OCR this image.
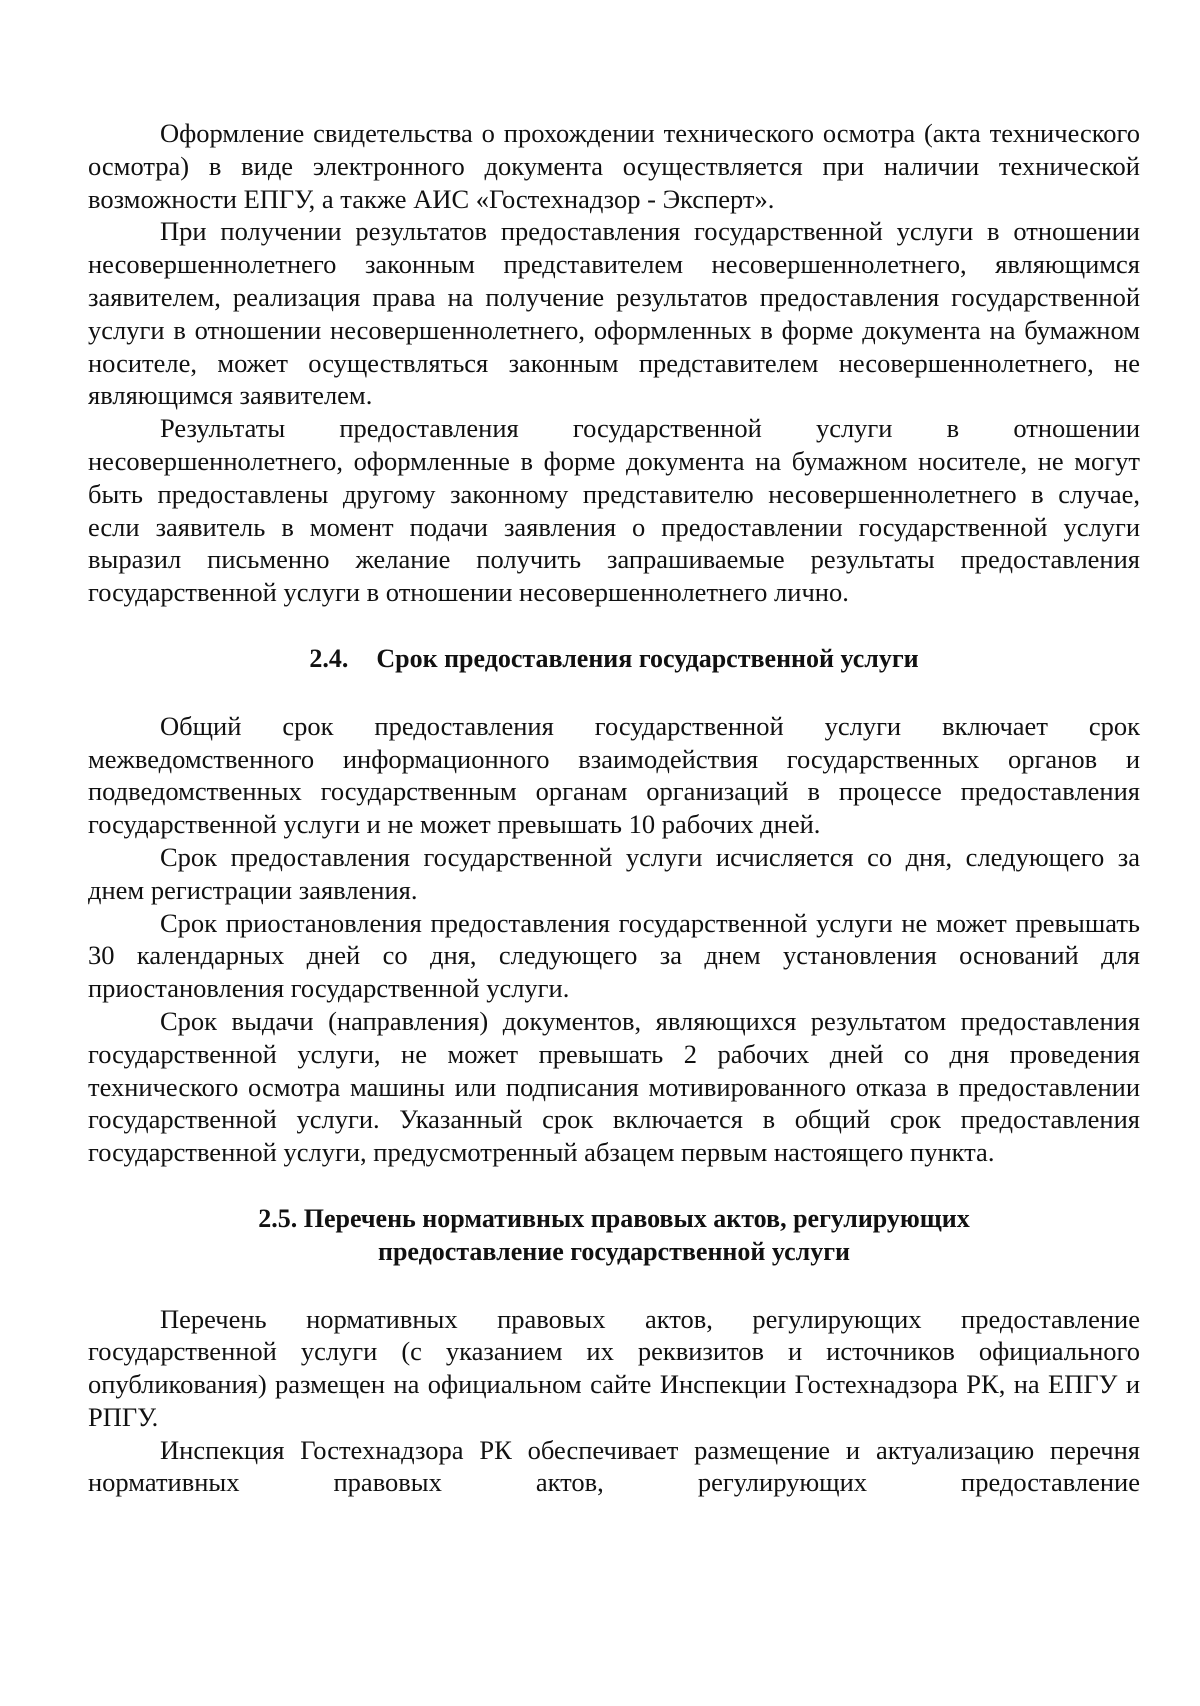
Оформление свидетельства о прохождении технического осмотра (акта технического осмотра) в виде электронного документа осуществляется при наличии технической возможности ЕПГУ, а также АИС «Гостехнадзор - Эксперт».

При получении результатов предоставления государственной услуги в отношении несовершеннолетнего законным представителем несовершеннолетнего, являющимся заявителем, реализация права на получение результатов предоставления государственной услуги в отношении несовершеннолетнего, оформленных в форме документа на бумажном носителе, может осуществляться законным представителем несовершеннолетнего, не являющимся заявителем.

Результаты предоставления государственной услуги в отношении несовершеннолетнего, оформленные в форме документа на бумажном носителе, не могут быть предоставлены другому законному представителю несовершеннолетнего в случае, если заявитель в момент подачи заявления о предоставлении государственной услуги выразил письменно желание получить запрашиваемые результаты предоставления государственной услуги в отношении несовершеннолетнего лично.

2.4. Срок предоставления государственной услуги

Общий срок предоставления государственной услуги включает срок межведомственного информационного взаимодействия государственных органов и подведомственных государственным органам организаций в процессе предоставления государственной услуги и не может превышать 10 рабочих дней.

Срок предоставления государственной услуги исчисляется со дня, следующего за днем регистрации заявления.

Срок приостановления предоставления государственной услуги не может превышать 30 календарных дней со дня, следующего за днем установления оснований для приостановления государственной услуги.

Срок выдачи (направления) документов, являющихся результатом предоставления государственной услуги, не может превышать 2 рабочих дней со дня проведения технического осмотра машины или подписания мотивированного отказа в предоставлении государственной услуги. Указанный срок включается в общий срок предоставления государственной услуги, предусмотренный абзацем первым настоящего пункта.

2.5. Перечень нормативных правовых актов, регулирующих
предоставление государственной услуги

Перечень нормативных правовых актов, регулирующих предоставление государственной услуги (с указанием их реквизитов и источников официального опубликования) размещен на официальном сайте Инспекции Гостехнадзора РК, на ЕПГУ и РПГУ.

Инспекция Гостехнадзора РК обеспечивает размещение и актуализацию перечня нормативных правовых актов, регулирующих предоставление
